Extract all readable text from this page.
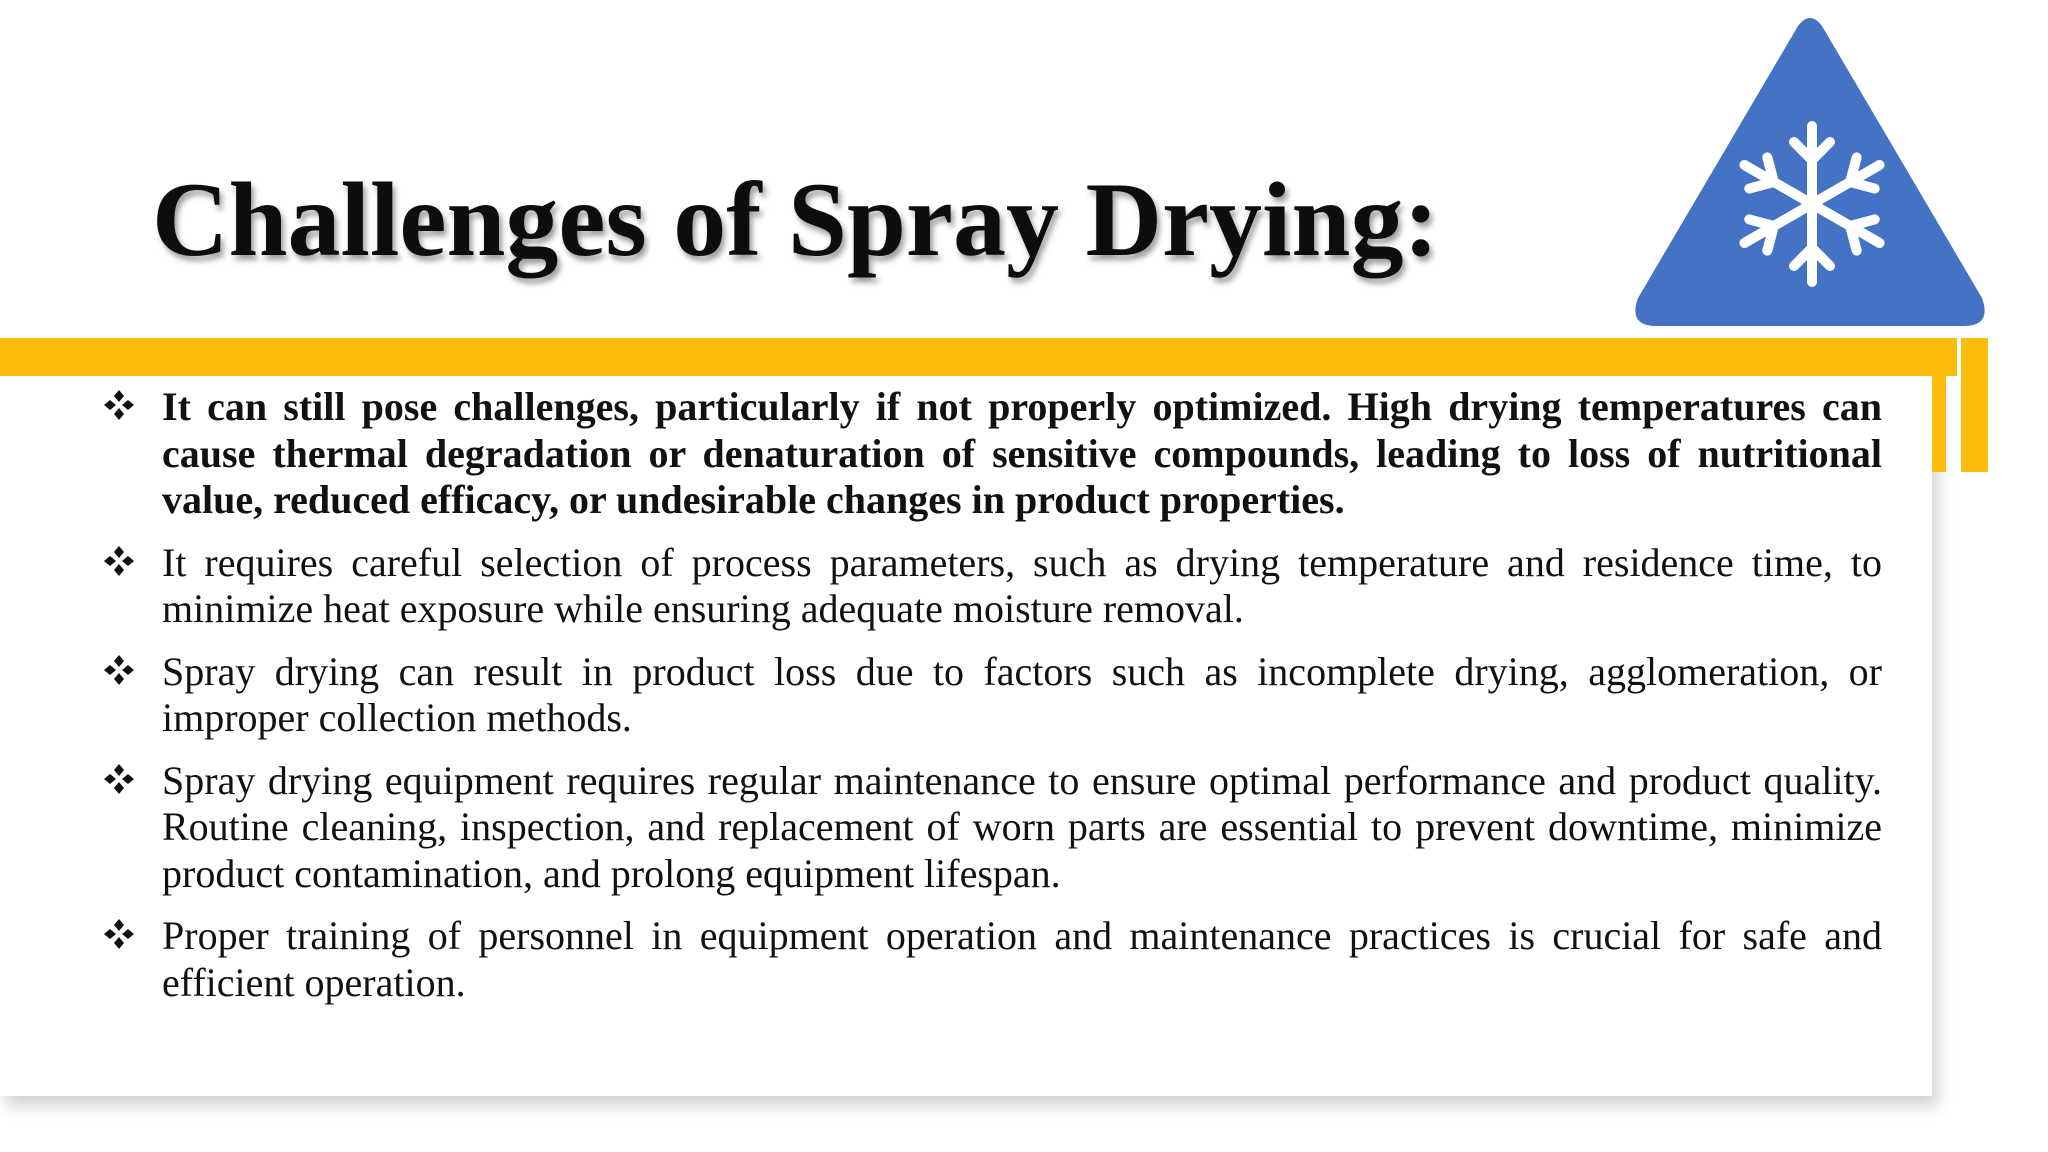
Challenges of Spray Drying:
It can still pose challenges, particularly if not properly optimized. High drying temperatures can cause thermal degradation or denaturation of sensitive compounds, leading to loss of nutritional value, reduced efficacy, or undesirable changes in product properties.
It requires careful selection of process parameters, such as drying temperature and residence time, to minimize heat exposure while ensuring adequate moisture removal.
Spray drying can result in product loss due to factors such as incomplete drying, agglomeration, or improper collection methods.
Spray drying equipment requires regular maintenance to ensure optimal performance and product quality. Routine cleaning, inspection, and replacement of worn parts are essential to prevent downtime, minimize product contamination, and prolong equipment lifespan.
Proper training of personnel in equipment operation and maintenance practices is crucial for safe and efficient operation.
